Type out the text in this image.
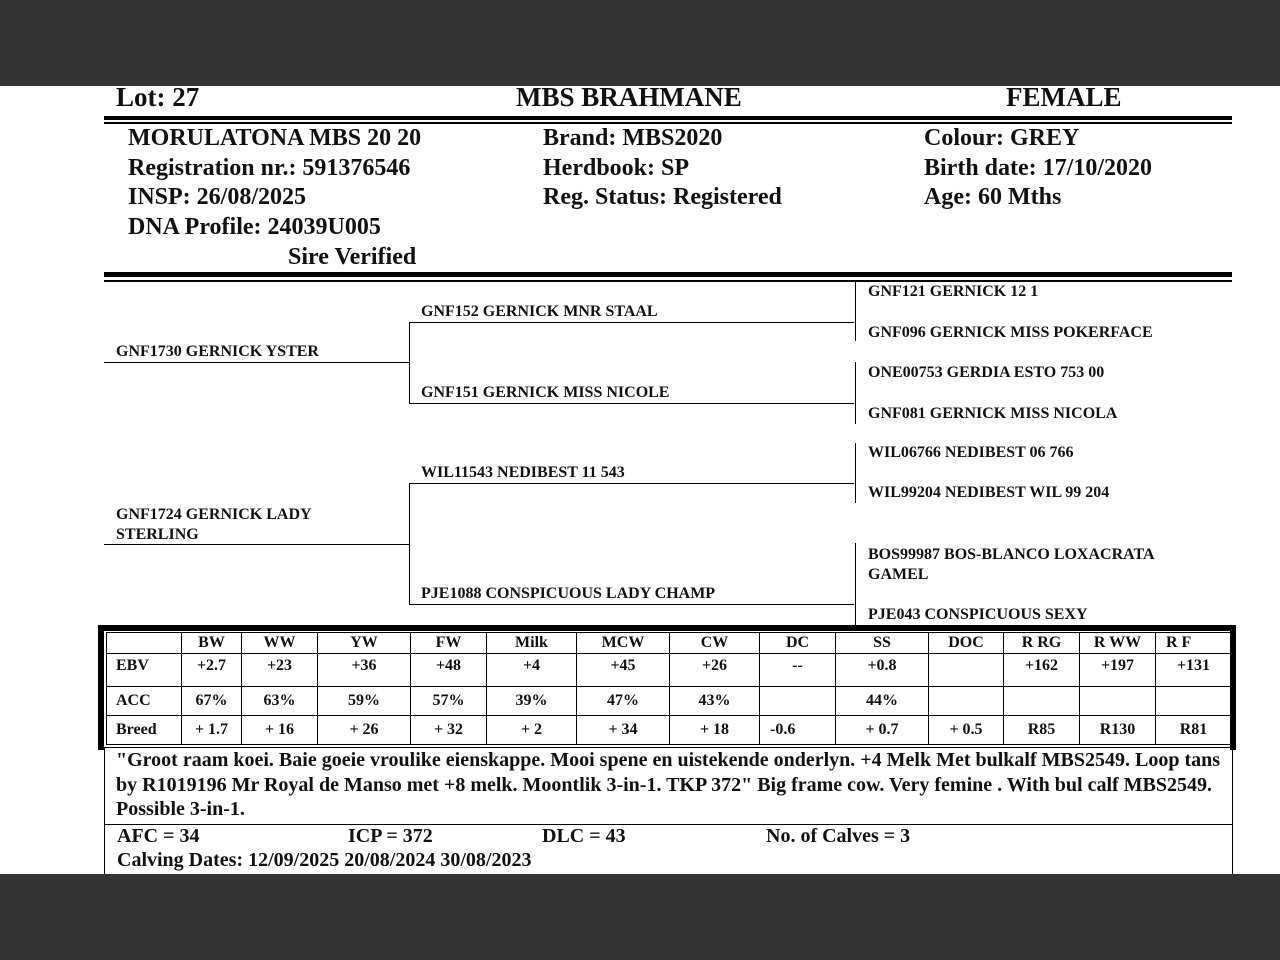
Lot: 27	MBS BRAHMANE	FEMALE
MORULATONA MBS 20 20
Registration nr.: 591376546
INSP: 26/08/2025
DNA Profile: 24039U005
Sire Verified
Brand: MBS2020
Herdbook: SP
Reg. Status: Registered
Colour: GREY
Birth date: 17/10/2020
Age: 60 Mths
GNF1730 GERNICK YSTER
GNF1724 GERNICK LADY STERLING
GNF152 GERNICK MNR STAAL
GNF151 GERNICK MISS NICOLE
WIL11543 NEDIBEST 11 543
PJE1088 CONSPICUOUS LADY CHAMP
GNF121 GERNICK 12 1
GNF096 GERNICK MISS POKERFACE
ONE00753 GERDIA ESTO 753 00
GNF081 GERNICK MISS NICOLA
WIL06766 NEDIBEST 06 766
WIL99204 NEDIBEST WIL 99 204
BOS99987 BOS-BLANCO LOXACRATA GAMEL
PJE043 CONSPICUOUS SEXY
	BW	WW	YW	FW	Milk	MCW	CW	DC	SS	DOC	R RG	R WW	R F
EBV	+2.7	+23	+36	+48	+4	+45	+26	--	+0.8		+162	+197	+131
ACC	67%	63%	59%	57%	39%	47%	43%		44%				
Breed	+ 1.7	+ 16	+ 26	+ 32	+ 2	+ 34	+ 18	-0.6	+ 0.7	+ 0.5	R85	R130	R81
"Groot raam koei. Baie goeie vroulike eienskappe. Mooi spene en uistekende onderlyn. +4 Melk Met bulkalf MBS2549. Loop tans by R1019196 Mr Royal de Manso met +8 melk. Moontlik 3-in-1. TKP 372" Big frame cow. Very femine . With bul calf MBS2549. Possible 3-in-1.
AFC = 34	ICP = 372	DLC = 43	No. of Calves = 3
Calving Dates: 12/09/2025 20/08/2024 30/08/2023
